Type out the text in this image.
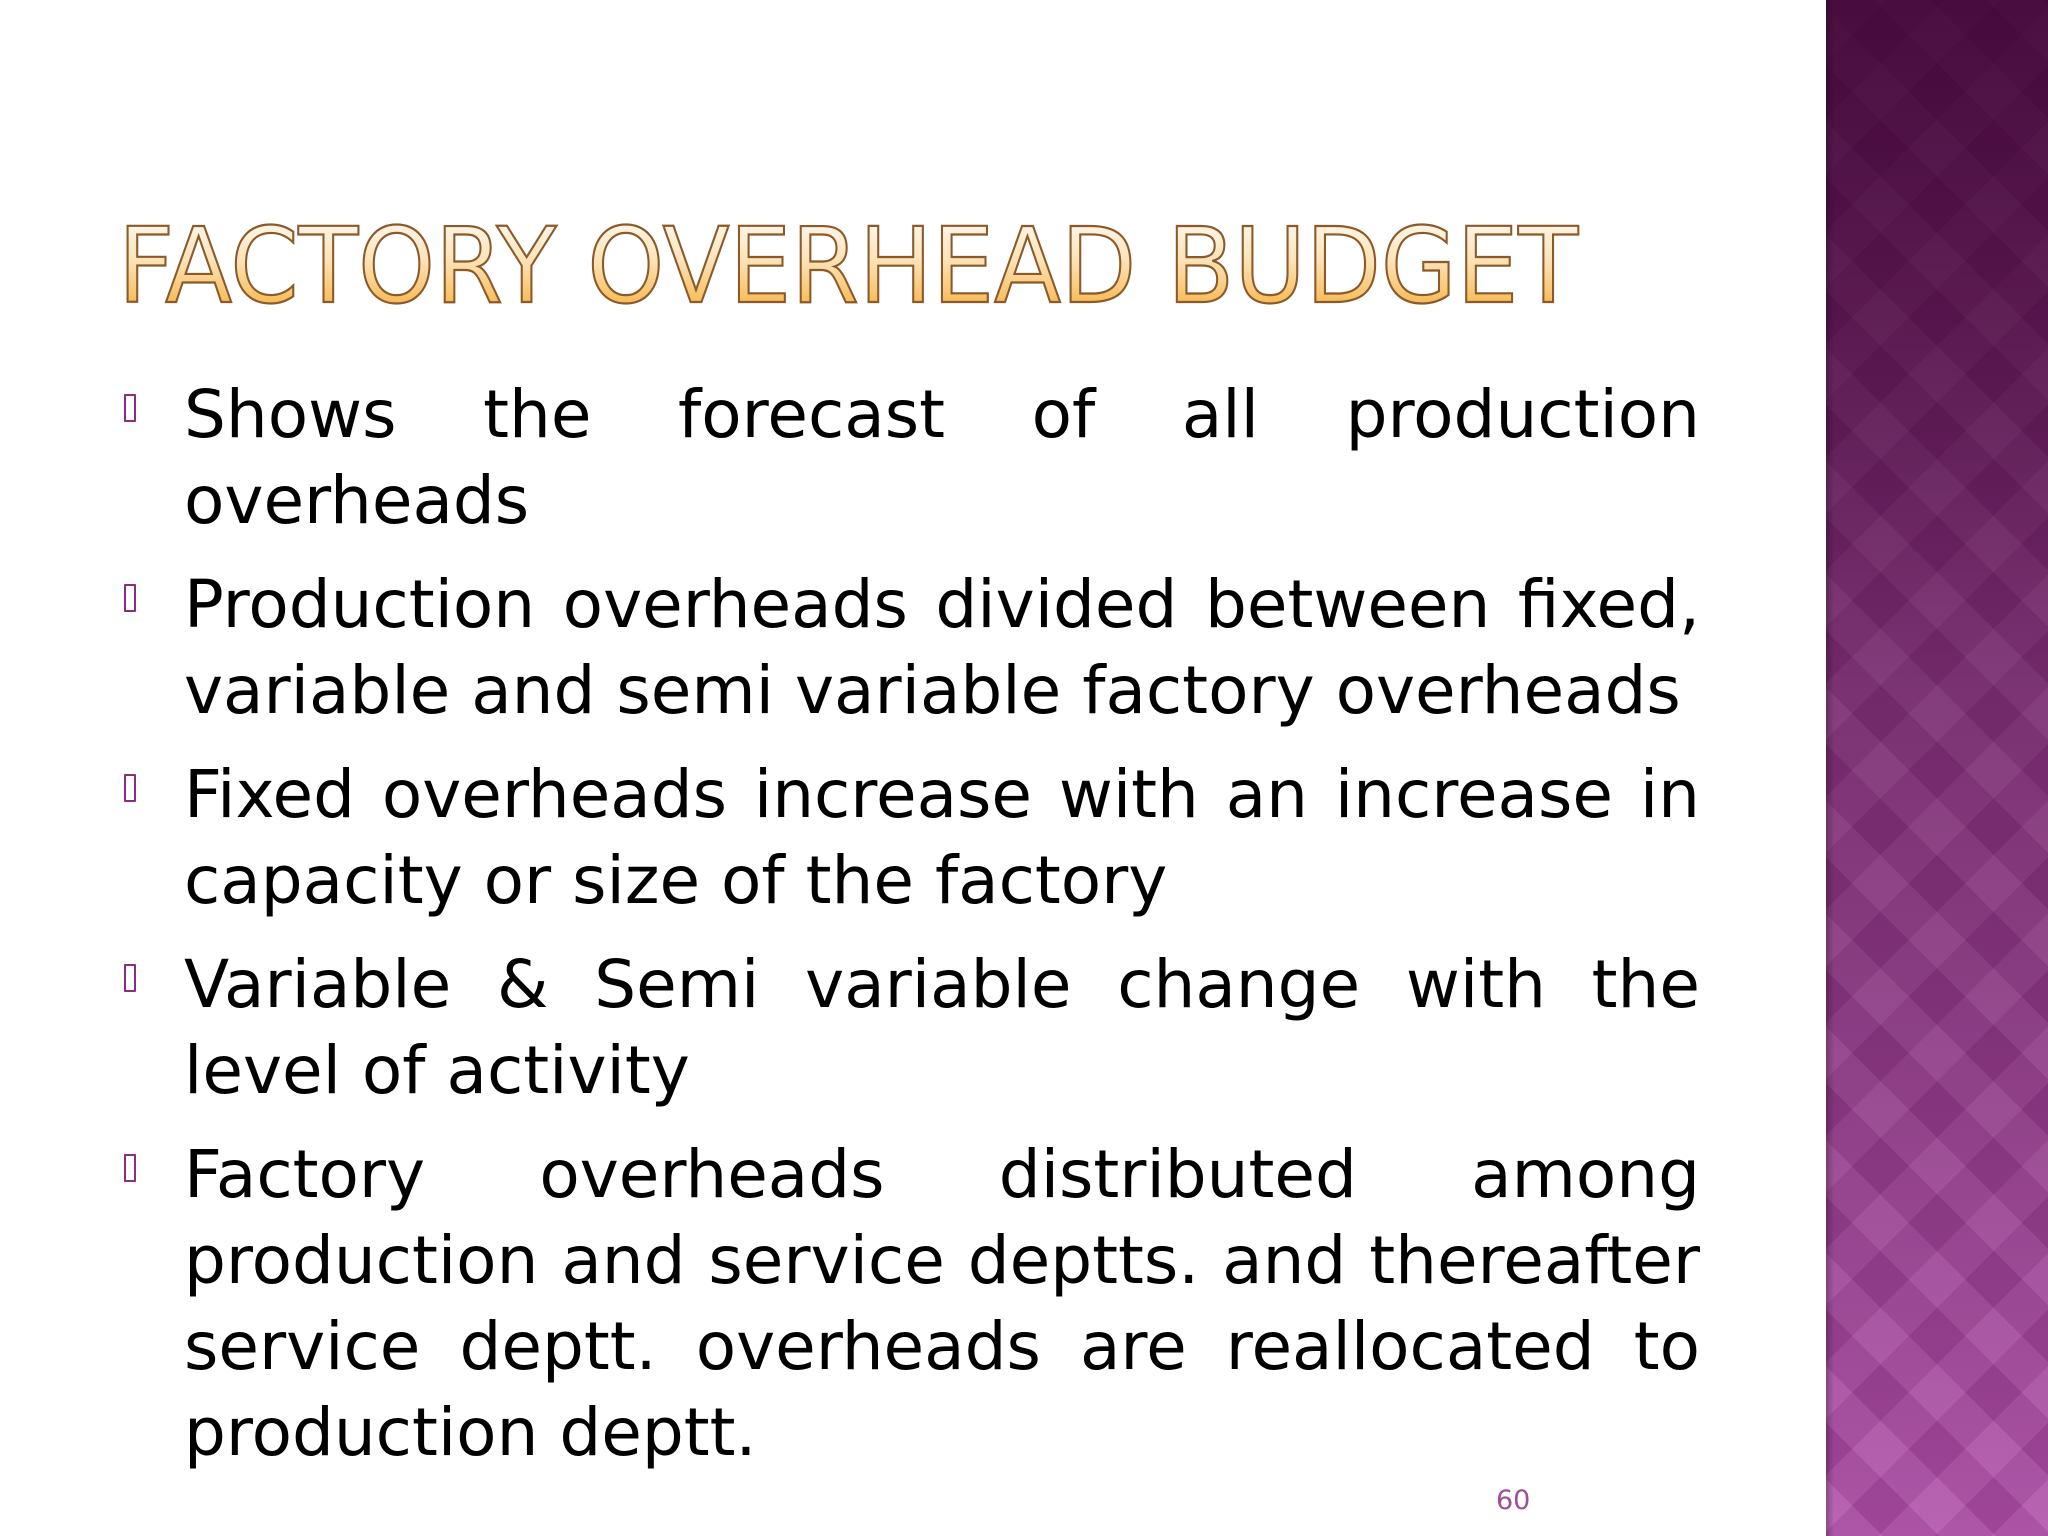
FACTORY OVERHEAD BUDGET
Shows the forecast of all production overheads
Production overheads divided between fixed, variable and semi variable factory overheads
Fixed overheads increase with an increase in capacity or size of the factory
Variable & Semi variable change with the level of activity
Factory overheads distributed among production and service deptts. and thereafter service deptt. overheads are reallocated to production deptt.
60
